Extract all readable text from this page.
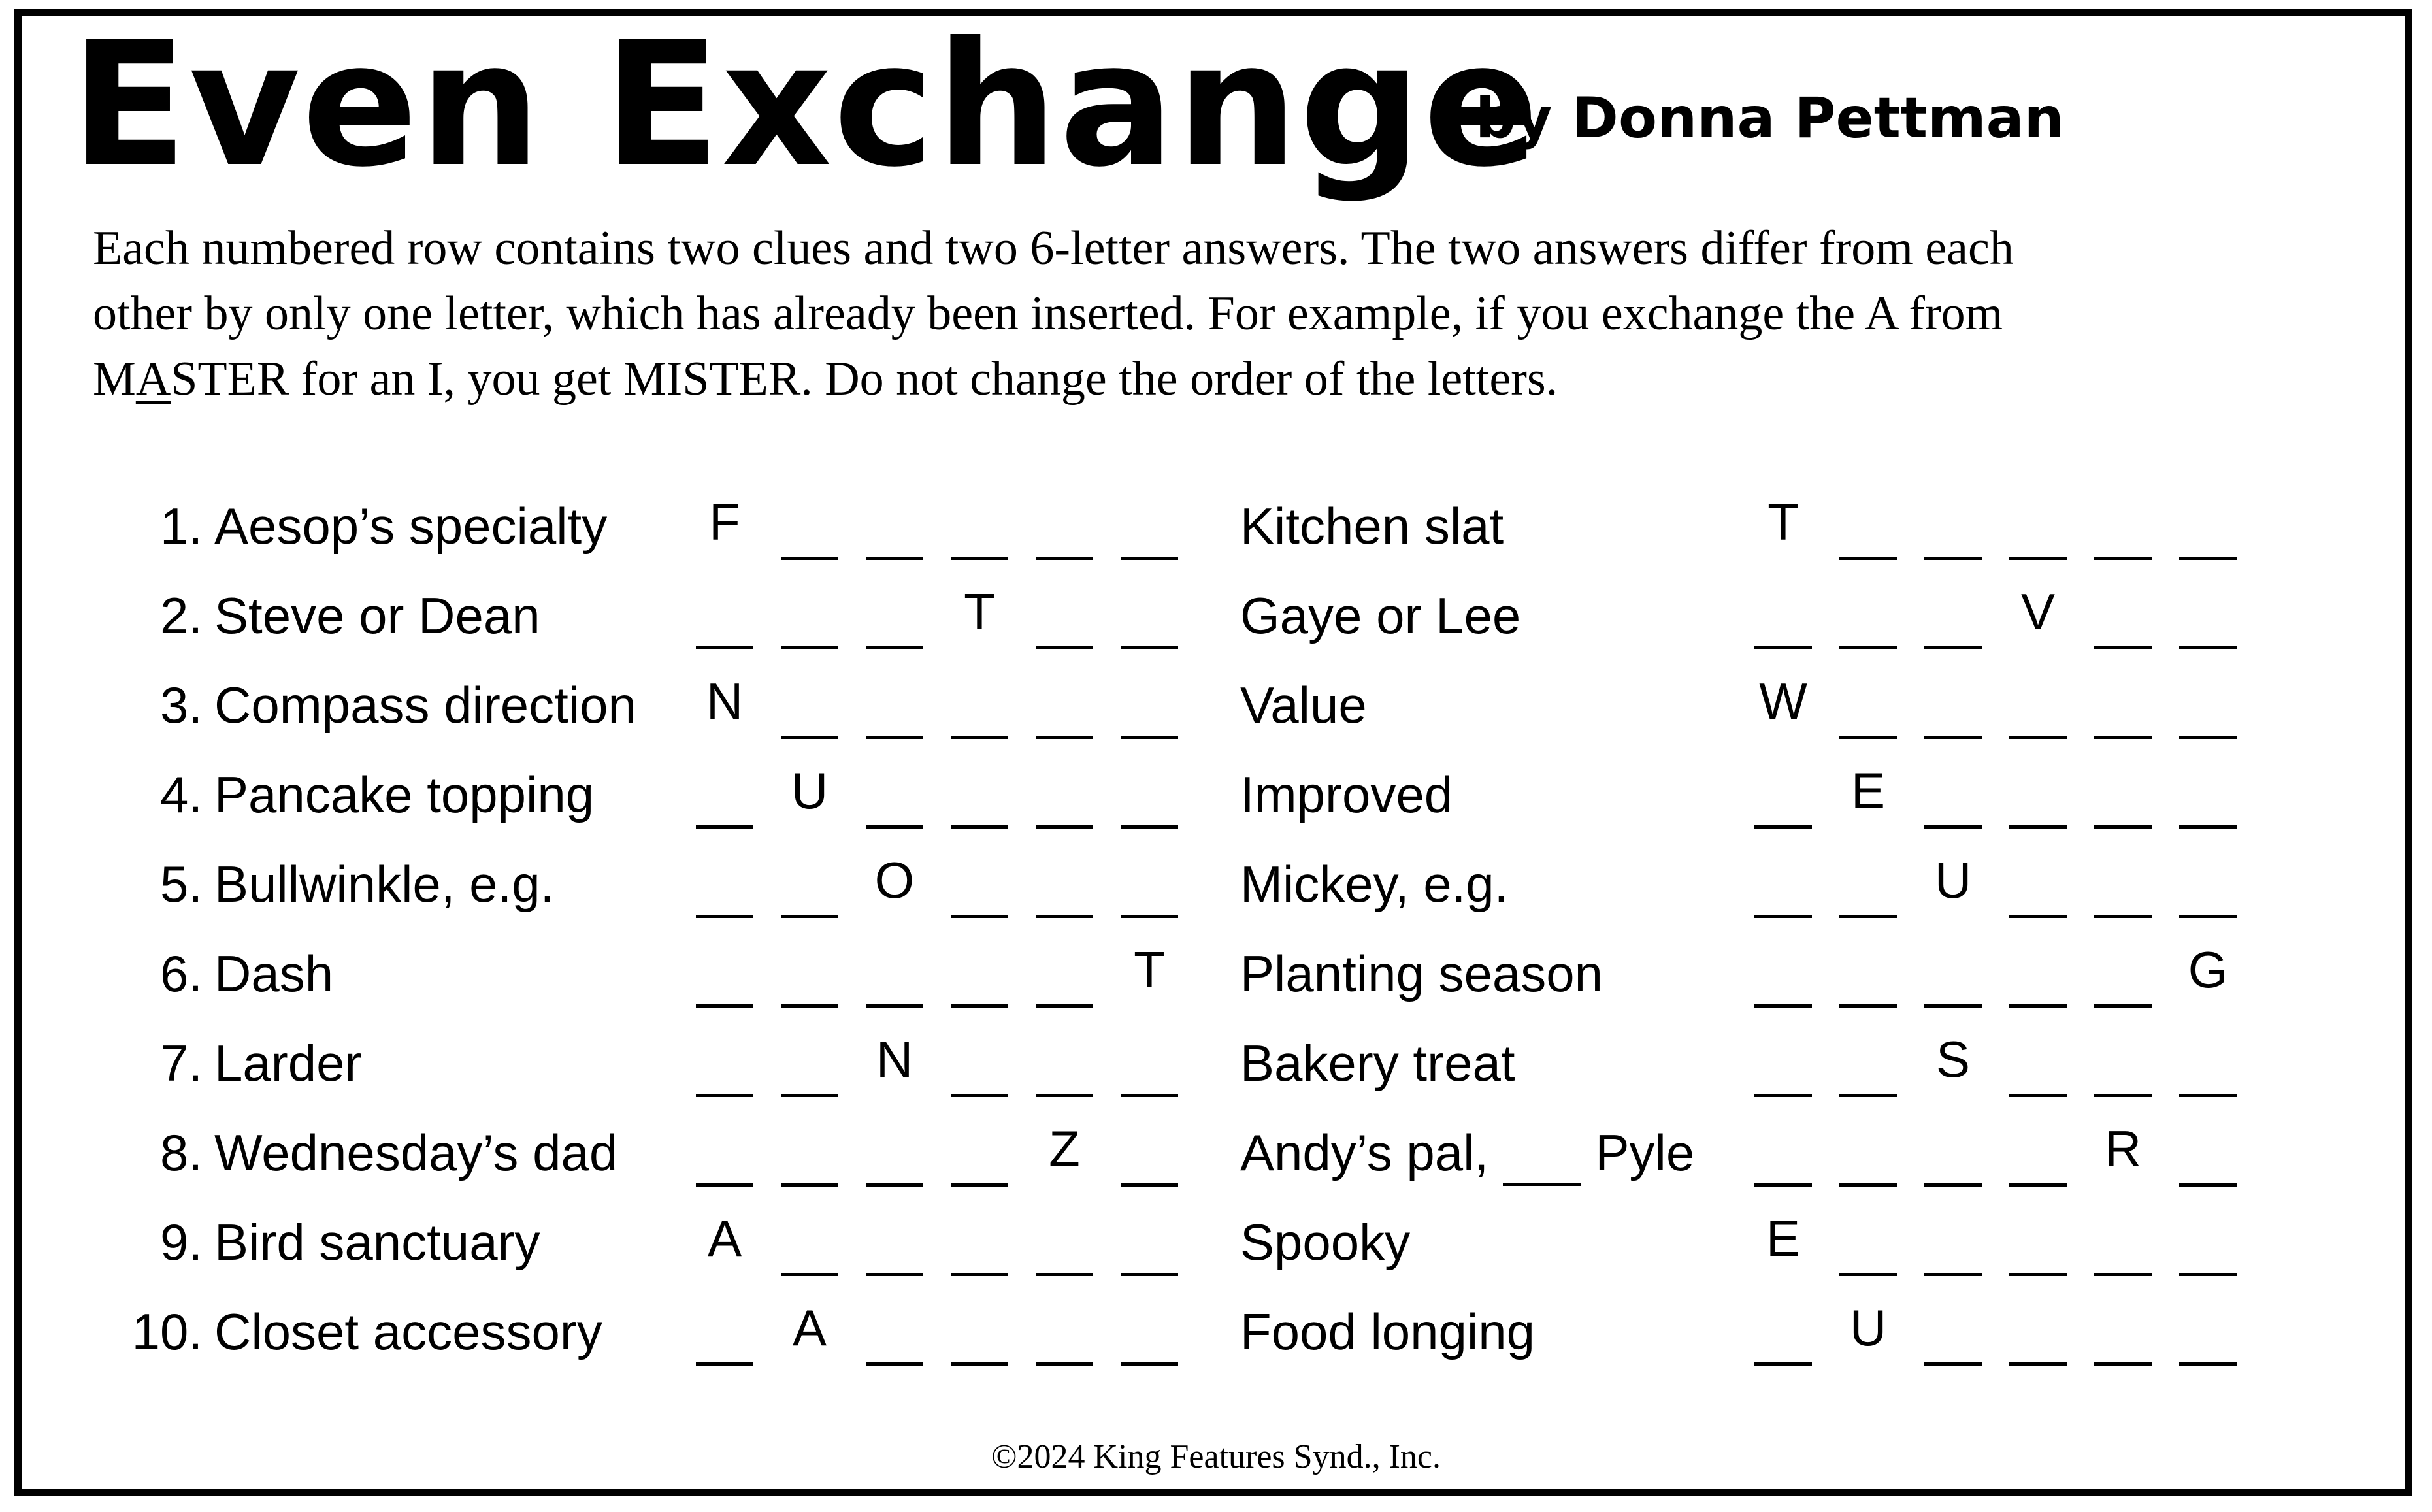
Even Exchange
by Donna Pettman

Each numbered row contains two clues and two 6-letter answers. The two answers differ from each

other by only one letter, which has already been inserted. For example, if you exchange the A from

MASTER for an I, you get MISTER. Do not change the order of the letters.

1. Aesop’s specialty F	Kitchen slat	T
2. Steve or Dean	T	Gaye or Lee	V
3. Compass direction N	Value	W
4. Pancake topping	U	Improved	E
5. Bullwinkle, e.g.	O	Mickey, e.g.	U
6. Dash	T Planting season	G
7. Larder	N	Bakery treat	S
8. Wednesday’s dad	Z	Andy’s pal,   Pyle	R
9. Bird sanctuary	A	Spooky	E
10. Closet accessory	A	Food longing	U
©2024 King Features Synd., Inc.
